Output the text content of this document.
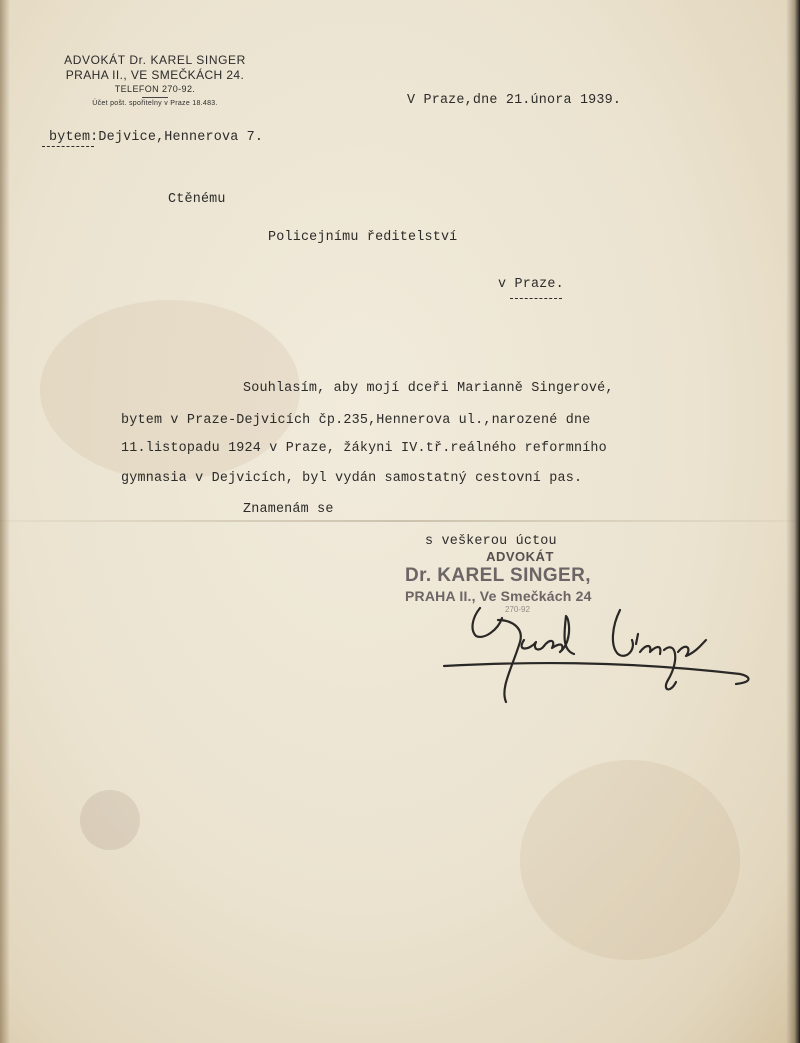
ADVOKÁT Dr. KAREL SINGER
PRAHA II., VE SMEČKÁCH 24.
TELEFON 270-92.
Účet pošt. spořitelny v Praze 18.483.	V Praze,dne 21.února 1939.
bytem:Dejvice,Hennerova 7.
Ctěnému
Policejnímu ředitelství
v Praze.
Souhlasím, aby mojí dceři Marianně Singerové,
bytem v Praze-Dejvicích čp.235,Hennerova ul.,narozené dne
11.listopadu 1924 v Praze, žákyni IV.tř.reálného reformního
gymnasia v Dejvicích, byl vydán samostatný cestovní pas.
Znamenám se
s veškerou úctou
ADVOKÁT
Dr. KAREL SINGER,
PRAHA II., Ve Smečkách 24
270-92
